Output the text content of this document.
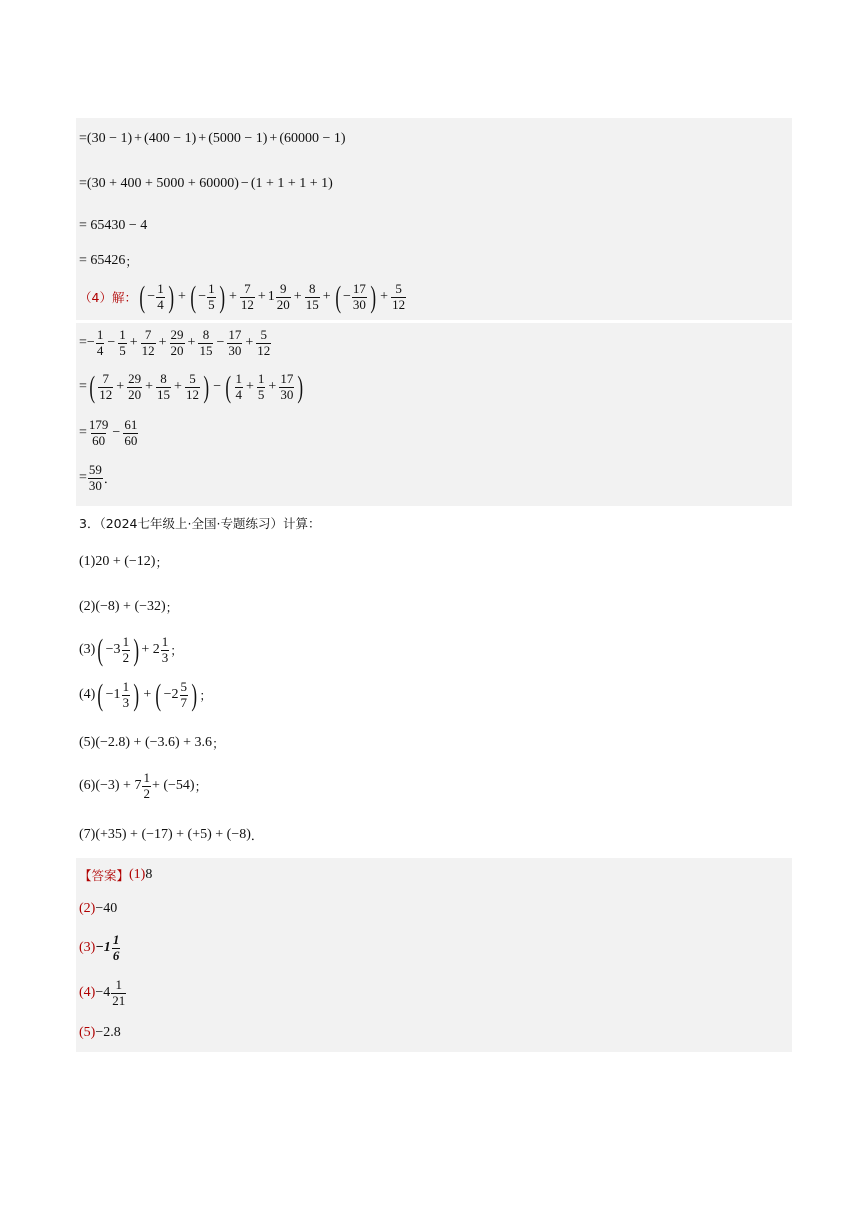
= (30 − 1) + (400 − 1) + (5000 − 1) + (60000 − 1)
= (30 + 400 + 5000 + 60000) − (1 + 1 + 1 + 1)
= 65430 − 4
= 65426 ；
（4）解： ( − $\frac{1}{4}$ ) + ( − $\frac{1}{5}$ ) + $\frac{7}{12} + 1 \frac{9}{20} + \frac{8}{15}$ + ( − $\frac{17}{30}$ ) + $\frac{5}{12}$
= − $\frac{1}{4} - \frac{1}{5} + \frac{7}{12} + \frac{29}{20} + \frac{8}{15} - \frac{17}{30} + \frac{5}{12}$
= ( $\frac{7}{12} + \frac{29}{20} + \frac{8}{15} + \frac{5}{12}$ ) − ( $\frac{1}{4} + \frac{1}{5} + \frac{17}{30}$ )
= $\frac{179}{60} - \frac{61}{60}$
= $\frac{59}{30}$ ．
3．（2024七年级上·全国·专题练习）计算：
(1) 20 + (−12) ；
(2) (−8) + (−32) ；
(3) ( $-3 \frac{1}{2}$ ) + $2 \frac{1}{3}$ ；
(4) ( $-1 \frac{1}{3}$ ) + ( $-2 \frac{5}{7}$ ) ；
(5) (−2.8) + (−3.6) + 3.6 ；
(6) $(-3) + 7 \frac{1}{2} + (-54)$ ；
(7) (+35) + (−17) + (+5) + (−8) ．
【答案】 (1) 8
(2) −40
$(3) -1 \frac{1}{6}$
$(4) -4 \frac{1}{21}$
(5) −2.8
